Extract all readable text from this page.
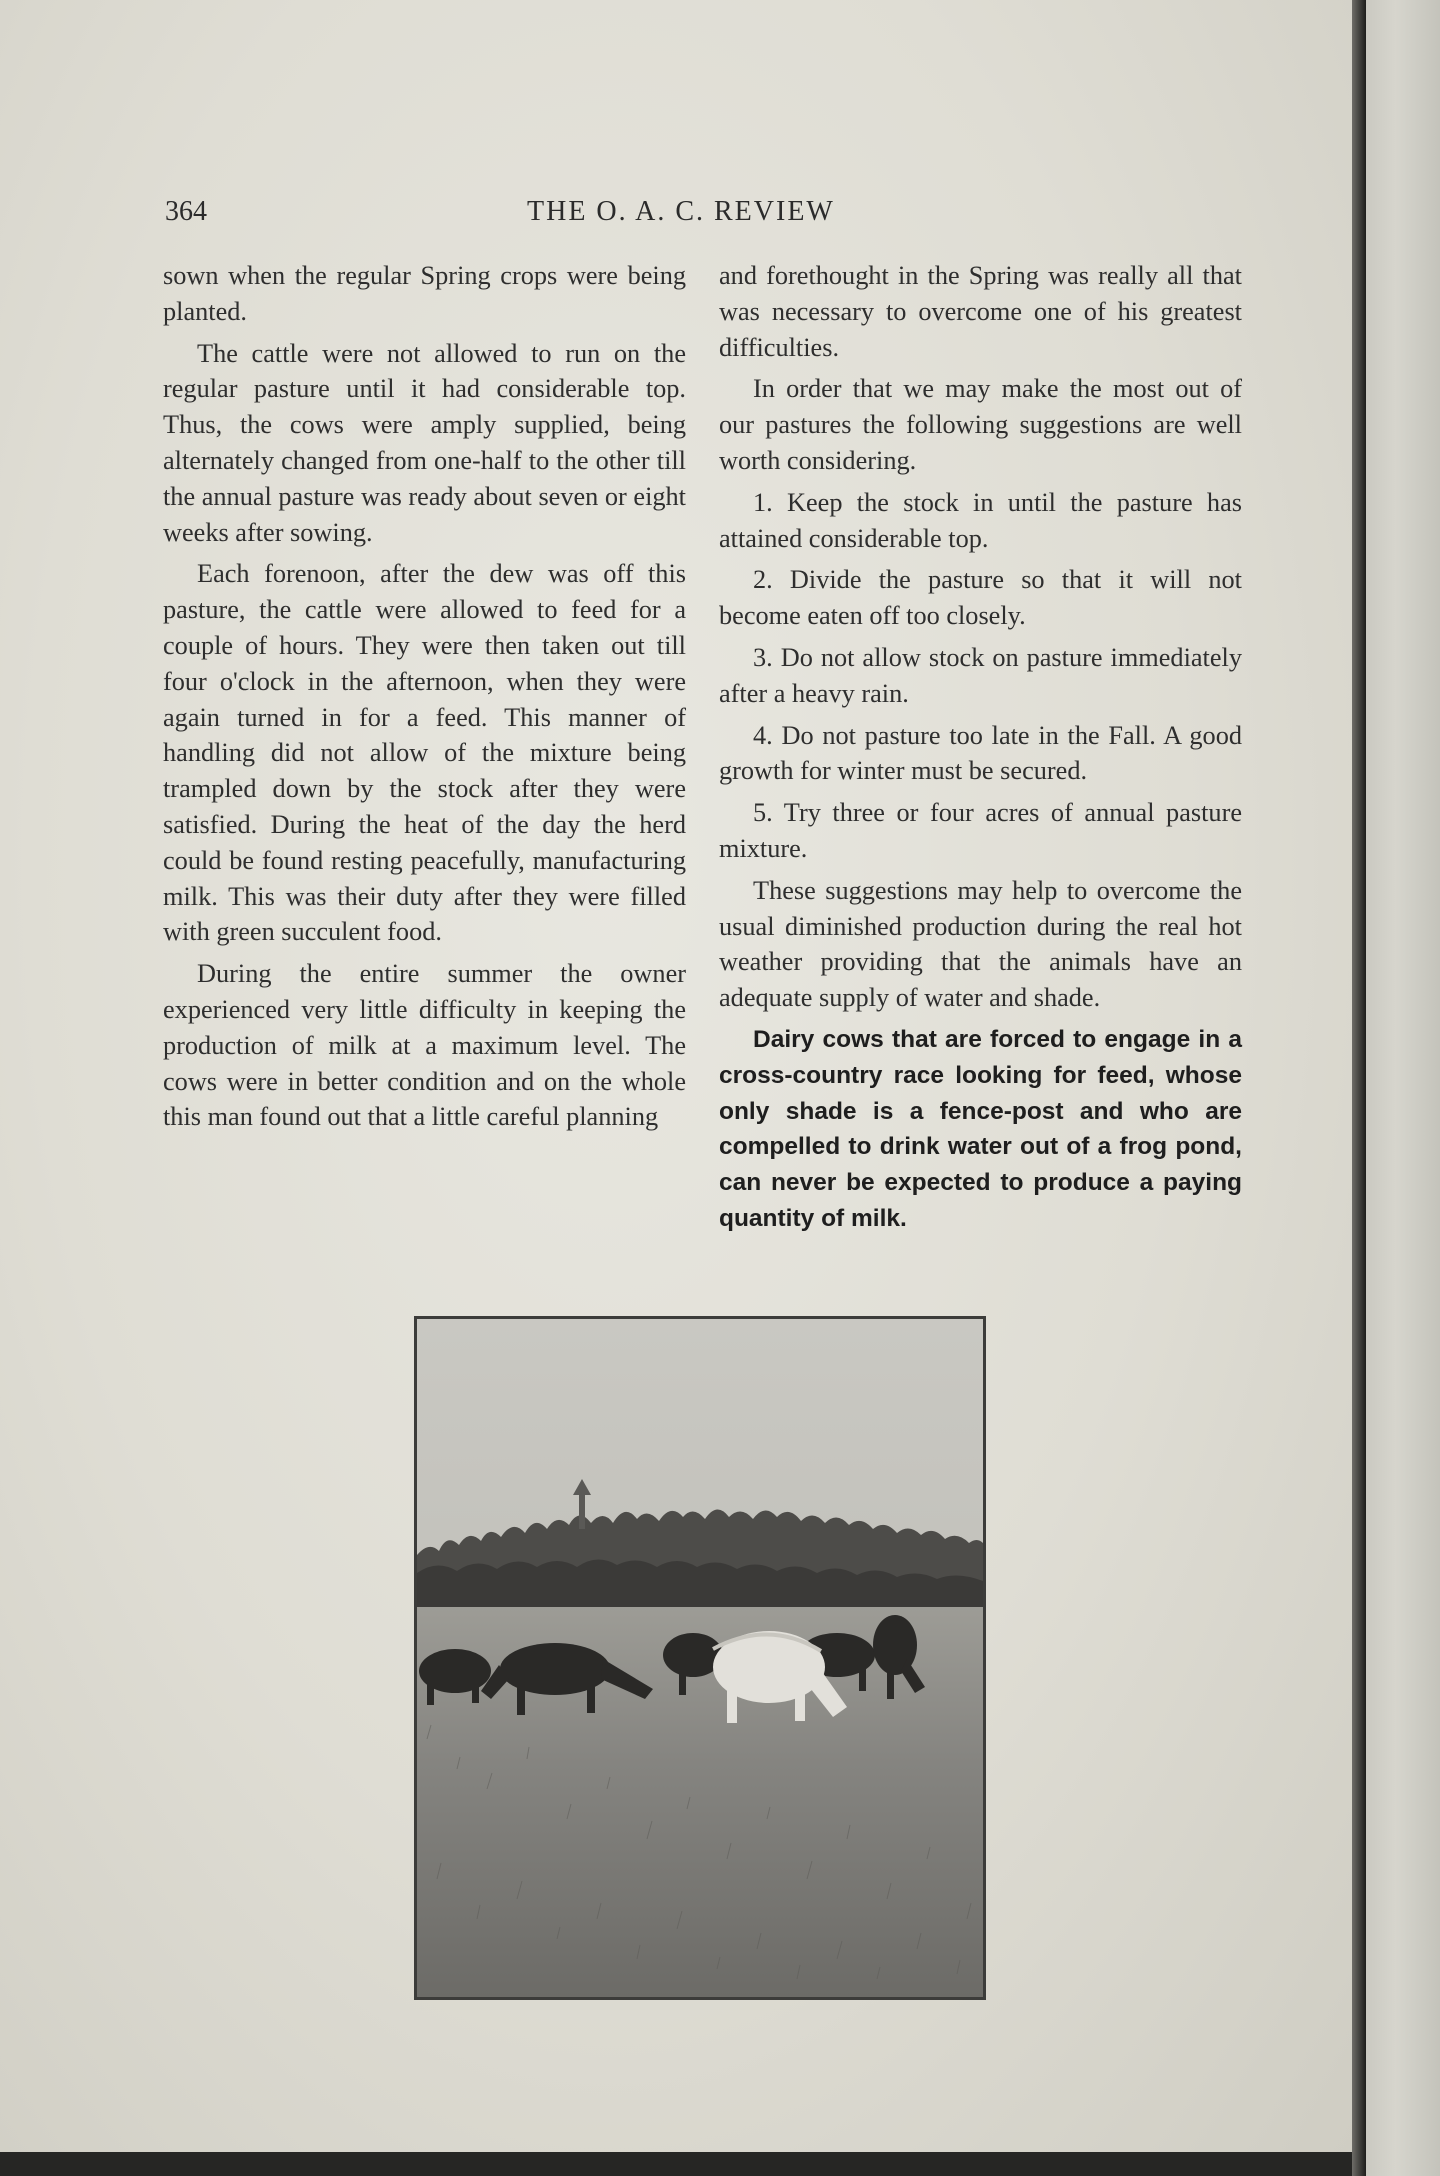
364	THE O. A. C. REVIEW

sown when the regular Spring crops were being planted.

The cattle were not allowed to run on the regular pasture until it had considerable top. Thus, the cows were amply supplied, being alternately changed from one-half to the other till the annual pasture was ready about seven or eight weeks after sowing.

Each forenoon, after the dew was off this pasture, the cattle were allowed to feed for a couple of hours. They were then taken out till four o'clock in the afternoon, when they were again turned in for a feed. This manner of handling did not allow of the mixture being trampled down by the stock after they were satisfied. During the heat of the day the herd could be found resting peacefully, manufacturing milk. This was their duty after they were filled with green succulent food.

During the entire summer the owner experienced very little difficulty in keeping the production of milk at a maximum level. The cows were in better condition and on the whole this man found out that a little careful planning

and forethought in the Spring was really all that was necessary to overcome one of his greatest difficulties.

In order that we may make the most out of our pastures the following suggestions are well worth considering.

1. Keep the stock in until the pasture has attained considerable top.

2. Divide the pasture so that it will not become eaten off too closely.

3. Do not allow stock on pasture immediately after a heavy rain.

4. Do not pasture too late in the Fall. A good growth for winter must be secured.

5. Try three or four acres of annual pasture mixture.

These suggestions may help to overcome the usual diminished production during the real hot weather providing that the animals have an adequate supply of water and shade.

Dairy cows that are forced to engage in a cross-country race looking for feed, whose only shade is a fence-post and who are compelled to drink water out of a frog pond, can never be expected to produce a paying quantity of milk.
